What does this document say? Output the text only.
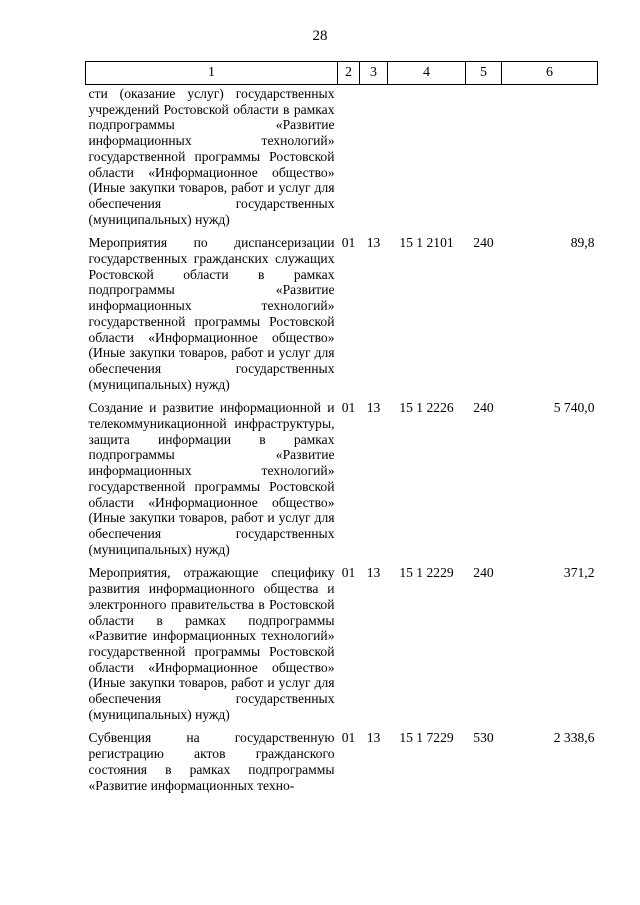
28
1	2	3	4	5	6
сти (оказание услуг) государственных учреждений Ростовской области в рамках подпрограммы «Развитие информационных технологий» государственной программы Ростовской области «Информационное общество» (Иные закупки товаров, работ и услуг для обеспечения государственных (муниципальных) нужд)					
Мероприятия по диспансеризации государственных гражданских служащих Ростовской области в рамках подпрограммы «Развитие информационных технологий» государственной программы Ростовской области «Информационное общество» (Иные закупки товаров, работ и услуг для обеспечения государственных (муниципальных) нужд)	01	13	15 1 2101	240	89,8
Создание и развитие информационной и телекоммуникационной инфраструктуры, защита информации в рамках подпрограммы «Развитие информационных технологий» государственной программы Ростовской области «Информационное общество» (Иные закупки товаров, работ и услуг для обеспечения государственных (муниципальных) нужд)	01	13	15 1 2226	240	5 740,0
Мероприятия, отражающие специфику развития информационного общества и электронного правительства в Ростовской области в рамках подпрограммы «Развитие информационных технологий» государственной программы Ростовской области «Информационное общество» (Иные закупки товаров, работ и услуг для обеспечения государственных (муниципальных) нужд)	01	13	15 1 2229	240	371,2
Субвенция на государственную регистрацию актов гражданского состояния в рамках подпрограммы «Развитие информационных техно-	01	13	15 1 7229	530	2 338,6
